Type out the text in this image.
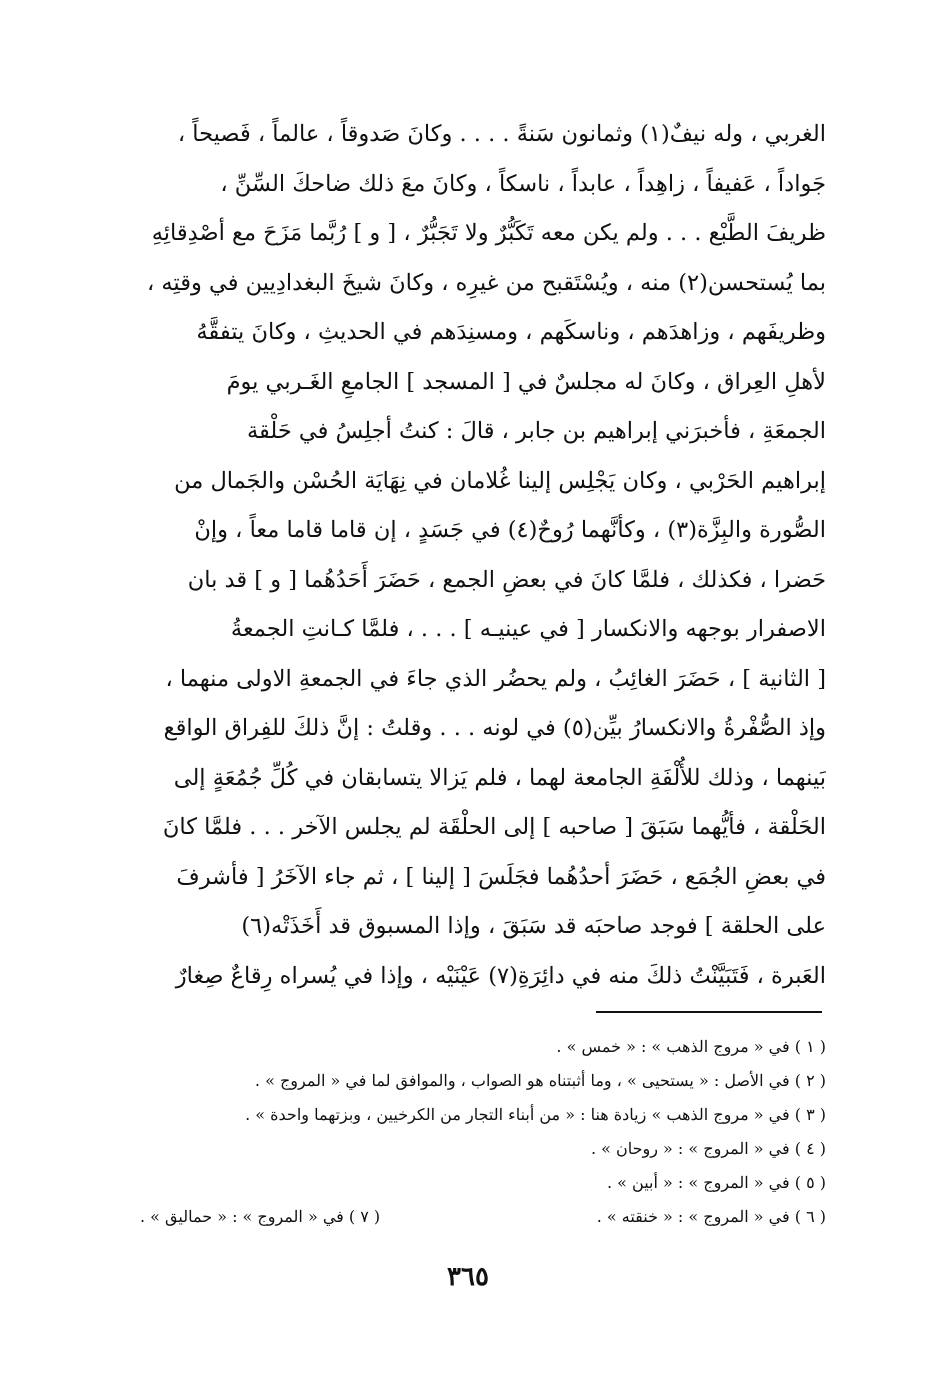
الغربي ، وله نيفٌ(١) وثمانون سَنةً . . . . وكانَ صَدوقاً ، عالماً ، فَصيحاً ،
جَواداً ، عَفيفاً ، زاهِداً ، عابداً ، ناسكاً ، وكانَ معَ ذلك ضاحكَ السِّنِّ ،
ظريفَ الطَّبْع . . . ولم يكن معه تَكَبُّرٌ ولا تَجَبُّرٌ ، [ و ] رُبَّما مَزَحَ مع أصْدِقائِهِ
بما يُستحسن(٢) منه ، ويُسْتَقبح من غيرِه ، وكانَ شيخَ البغدادِيين في وقتِه ،
وظريفَهم ، وزاهدَهم ، وناسكَهم ، ومسنِدَهم في الحديثِ ، وكانَ يتفقَّهُ
لأهلِ العِراق ، وكانَ له مجلسٌ في [ المسجد ] الجامعِ الغَـربي يومَ
الجمعَةِ ، فأخبرَني إبراهيم بن جابر ، قالَ : كنتُ أجلِسُ في حَلْقة
إبراهيم الحَرْبي ، وكان يَجْلِس إلينا غُلامان في نِهَايَة الحُسْن والجَمال من
الصُّورة والبِزَّة(٣) ، وكأنَّهما رُوحٌ(٤) في جَسَدٍ ، إن قاما قاما معاً ، وإنْ
حَضرا ، فكذلك ، فلمَّا كانَ في بعضِ الجمع ، حَضَرَ أَحَدُهُما [ و ] قد بان
الاصفرار بوجهه والانكسار [ في عينيـه ] . . . ، فلمَّا كـانتِ الجمعةُ
[ الثانية ] ، حَضَرَ الغائِبُ ، ولم يحضُر الذي جاءَ في الجمعةِ الاولى منهما ،
وإذ الصُّفْرةُ والانكسارُ بيِّن(٥) في لونه . . . وقلتُ : إنَّ ذلكَ للفِراق الواقع
بَينهما ، وذلك للأُلْفَةِ الجامعة لهما ، فلم يَزالا يتسابقان في كُلِّ جُمُعَةٍ إلى
الحَلْقة ، فأيُّهما سَبَقَ [ صاحبه ] إلى الحلْقَة لم يجلس الآخر . . . فلمَّا كانَ
في بعضِ الجُمَع ، حَضَرَ أحدُهُما فجَلَسَ [ إلينا ] ، ثم جاء الآخَرُ [ فأشرفَ
على الحلقة ] فوجد صاحبَه قد سَبَقَ ، وإذا المسبوق قد أَخَذَتْه(٦)
العَبرة ، فَتَبَيَّنْتُ ذلكَ منه في دائِرَةِ(٧) عَيْنَيْه ، وإذا في يُسراه رِقاعٌ صِغارٌ
( ١ ) في « مروج الذهب » : « خمس » .
( ٢ ) في الأصل : « يستحيى » ، وما أثبتناه هو الصواب ، والموافق لما في « المروج » .
( ٣ ) في « مروج الذهب » زيادة هنا : « من أبناء التجار من الكرخيين ، وبزتهما واحدة » .
( ٤ ) في « المروج » : « روحان » .
( ٥ ) في « المروج » : « أبين » .
( ٦ ) في « المروج » : « خنقته » .
( ٧ ) في « المروج » : « حماليق » .
٣٦٥
